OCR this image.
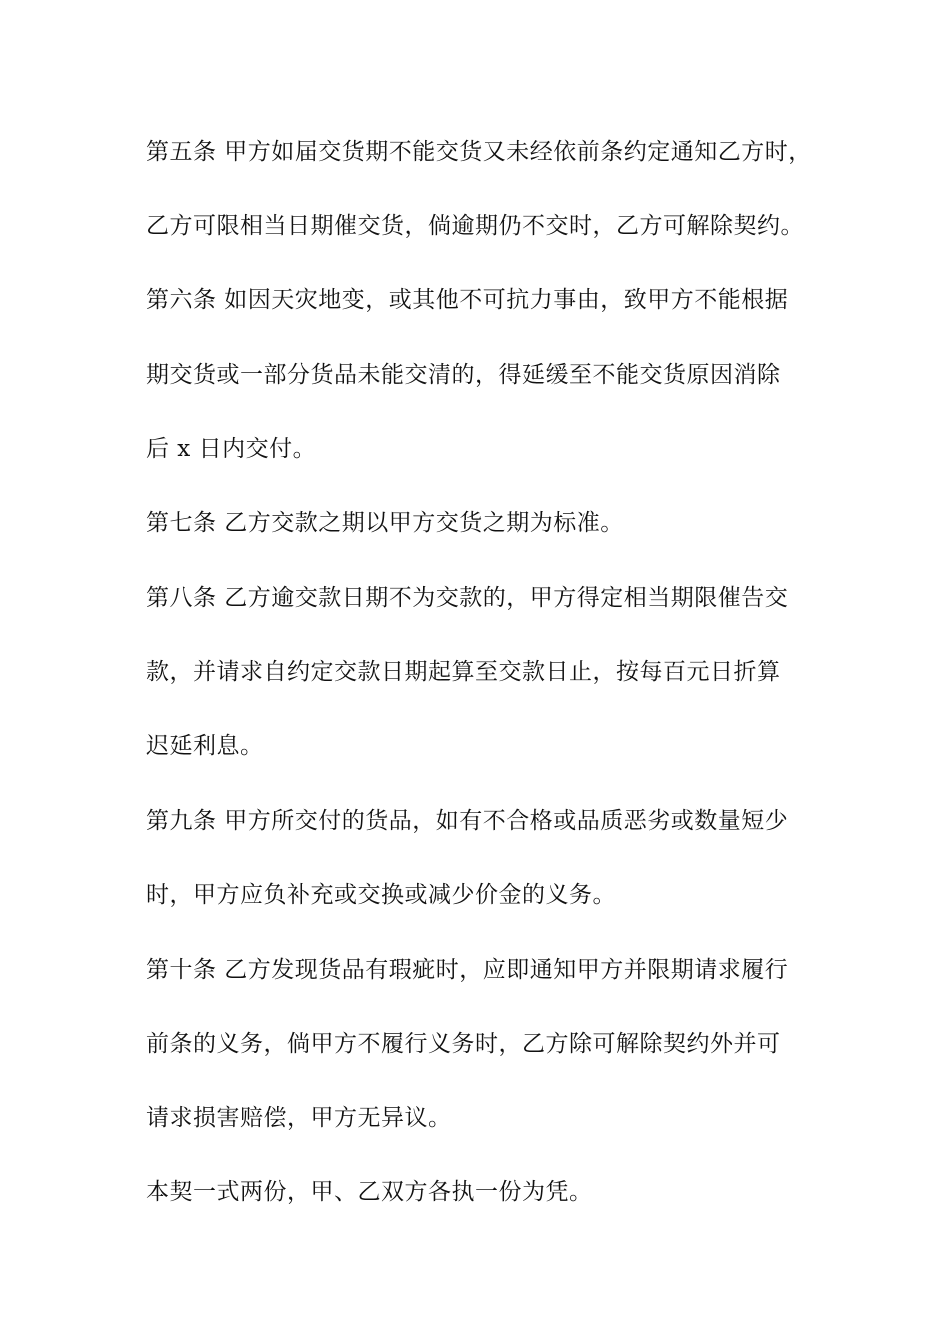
第五条 甲方如届交货期不能交货又未经依前条约定通知乙方时，
乙方可限相当日期催交货，倘逾期仍不交时，乙方可解除契约。
第六条 如因天灾地变，或其他不可抗力事由，致甲方不能根据
期交货或一部分货品未能交清的，得延缓至不能交货原因消除
后 x 日内交付。
第七条 乙方交款之期以甲方交货之期为标准。
第八条 乙方逾交款日期不为交款的，甲方得定相当期限催告交
款，并请求自约定交款日期起算至交款日止，按每百元日折算
迟延利息。
第九条 甲方所交付的货品，如有不合格或品质恶劣或数量短少
时，甲方应负补充或交换或减少价金的义务。
第十条 乙方发现货品有瑕疵时，应即通知甲方并限期请求履行
前条的义务，倘甲方不履行义务时，乙方除可解除契约外并可
请求损害赔偿，甲方无异议。
本契一式两份，甲、乙双方各执一份为凭。
